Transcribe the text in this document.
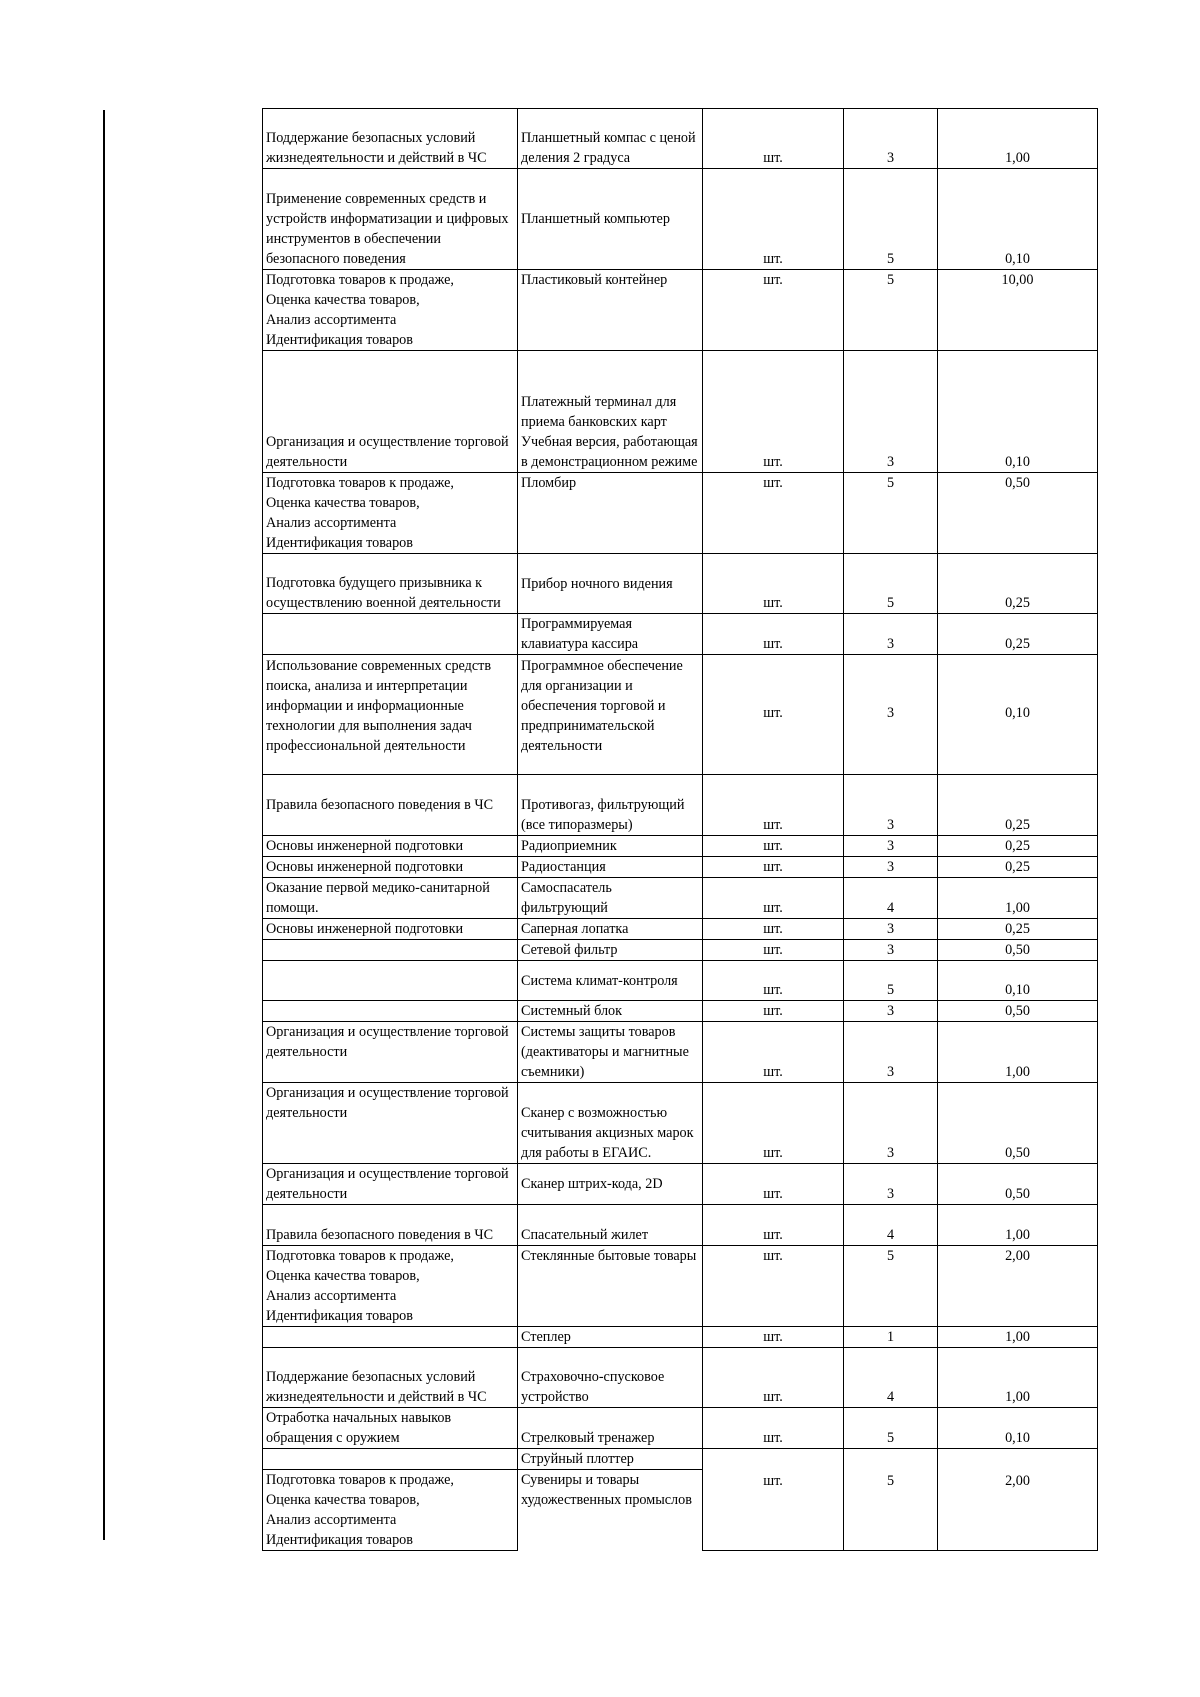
Поддержание безопасных условий жизнедеятельности и действий в ЧС	Планшетный компас с ценой деления 2 градуса	шт.	3	1,00

Применение современных средств и устройств информатизации и цифровых инструментов в обеспечении безопасного поведения	Планшетный компьютер	шт.	5	0,10
Подготовка товаров к продаже,
Оценка качества товаров,
Анализ ассортимента
Идентификация товаров	Пластиковый контейнер	шт.	5	10,00
Организация и осуществление торговой деятельности	Платежный терминал для приема банковских карт Учебная версия, работающая в демонстрационном режиме	шт.	3	0,10
Подготовка товаров к продаже,
Оценка качества товаров,
Анализ ассортимента
Идентификация товаров	Пломбир	шт.	5	0,50
Подготовка будущего призывника к осуществлению военной деятельности	Прибор ночного видения	шт.	5	0,25
	Программируемая клавиатура кассира	шт.	3	0,25
Использование современных средств поиска, анализа и интерпретации информации и информационные технологии для выполнения задач профессиональной деятельности	Программное обеспечение для организации и обеспечения торговой и предпринимательской деятельности	шт.	3	0,10
Правила безопасного поведения в ЧС	Противогаз, фильтрующий (все типоразмеры)	шт.	3	0,25
Основы инженерной подготовки	Радиоприемник	шт.	3	0,25
Основы инженерной подготовки	Радиостанция	шт.	3	0,25
Оказание первой медико-санитарной помощи.	Самоспасатель фильтрующий	шт.	4	1,00
Основы инженерной подготовки	Саперная лопатка	шт.	3	0,25
	Сетевой фильтр	шт.	3	0,50
	Система климат-контроля	шт.	5	0,10
	Системный блок	шт.	3	0,50
Организация и осуществление торговой деятельности	Системы защиты товаров (деактиваторы и магнитные съемники)	шт.	3	1,00
Организация и осуществление торговой деятельности	Сканер с возможностью считывания акцизных марок для работы в ЕГАИС.	шт.	3	0,50
Организация и осуществление торговой деятельности	Сканер штрих-кода, 2D	шт.	3	0,50
Правила безопасного поведения в ЧС	Спасательный жилет	шт.	4	1,00
Подготовка товаров к продаже,
Оценка качества товаров,
Анализ ассортимента
Идентификация товаров	Стеклянные бытовые товары	шт.	5	2,00
	Степлер	шт.	1	1,00
Поддержание безопасных условий жизнедеятельности и действий в ЧС	Страховочно-спусковое устройство	шт.	4	1,00
Отработка начальных навыков обращения с оружием	Стрелковый тренажер	шт.	5	0,10
	Струйный плоттер	шт.	5	2,00
Подготовка товаров к продаже,
Оценка качества товаров,
Анализ ассортимента
Идентификация товаров	Сувениры и товары художественных промыслов			
